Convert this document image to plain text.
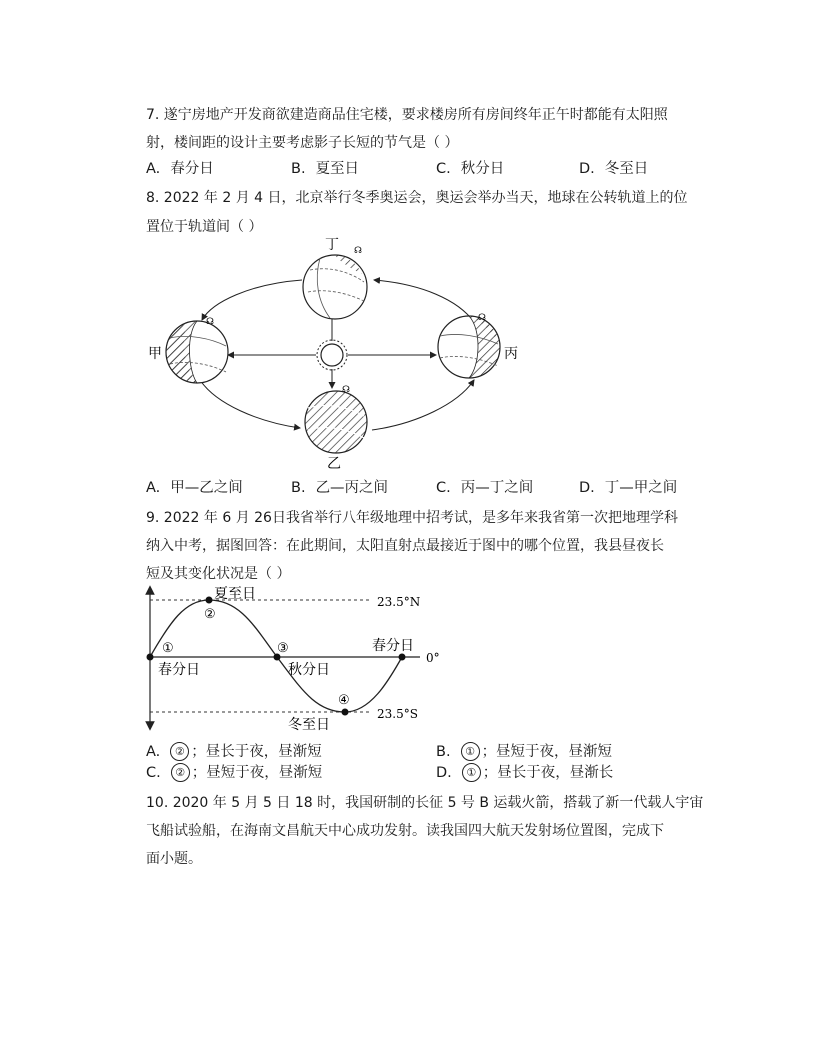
7. 遂宁房地产开发商欲建造商品住宅楼，要求楼房所有房间终年正午时都能有太阳照
射，楼间距的设计主要考虑影子长短的节气是（ ）
A. 春分日	B. 夏至日	C. 秋分日	D. 冬至日
8. 2022 年 2 月 4 日，北京举行冬季奥运会，奥运会举办当天，地球在公转轨道上的位
置位于轨道间（ ）
丁 ☊
甲
☊
丙
☊
乙
☊
A. 甲—乙之间	B. 乙—丙之间	C. 丙—丁之间	D. 丁—甲之间
9. 2022 年 6 月 26日我省举行八年级地理中招考试，是多年来我省第一次把地理学科
纳入中考，据图回答：在此期间，太阳直射点最接近于图中的哪个位置，我县昼夜长
短及其变化状况是（ ）
夏至日
②
①
春分日
③
秋分日
④
冬至日
春分日
23.5°N
0°
23.5°S
A. ② ；昼长于夜，昼渐短	B. ① ；昼短于夜，昼渐短
C. ② ；昼短于夜，昼渐短	D. ① ；昼长于夜，昼渐长
10. 2020 年 5 月 5 日 18 时，我国研制的长征 5 号 B 运载火箭，搭载了新一代载人宇宙
飞船试验船，在海南文昌航天中心成功发射。读我国四大航天发射场位置图，完成下
面小题。
